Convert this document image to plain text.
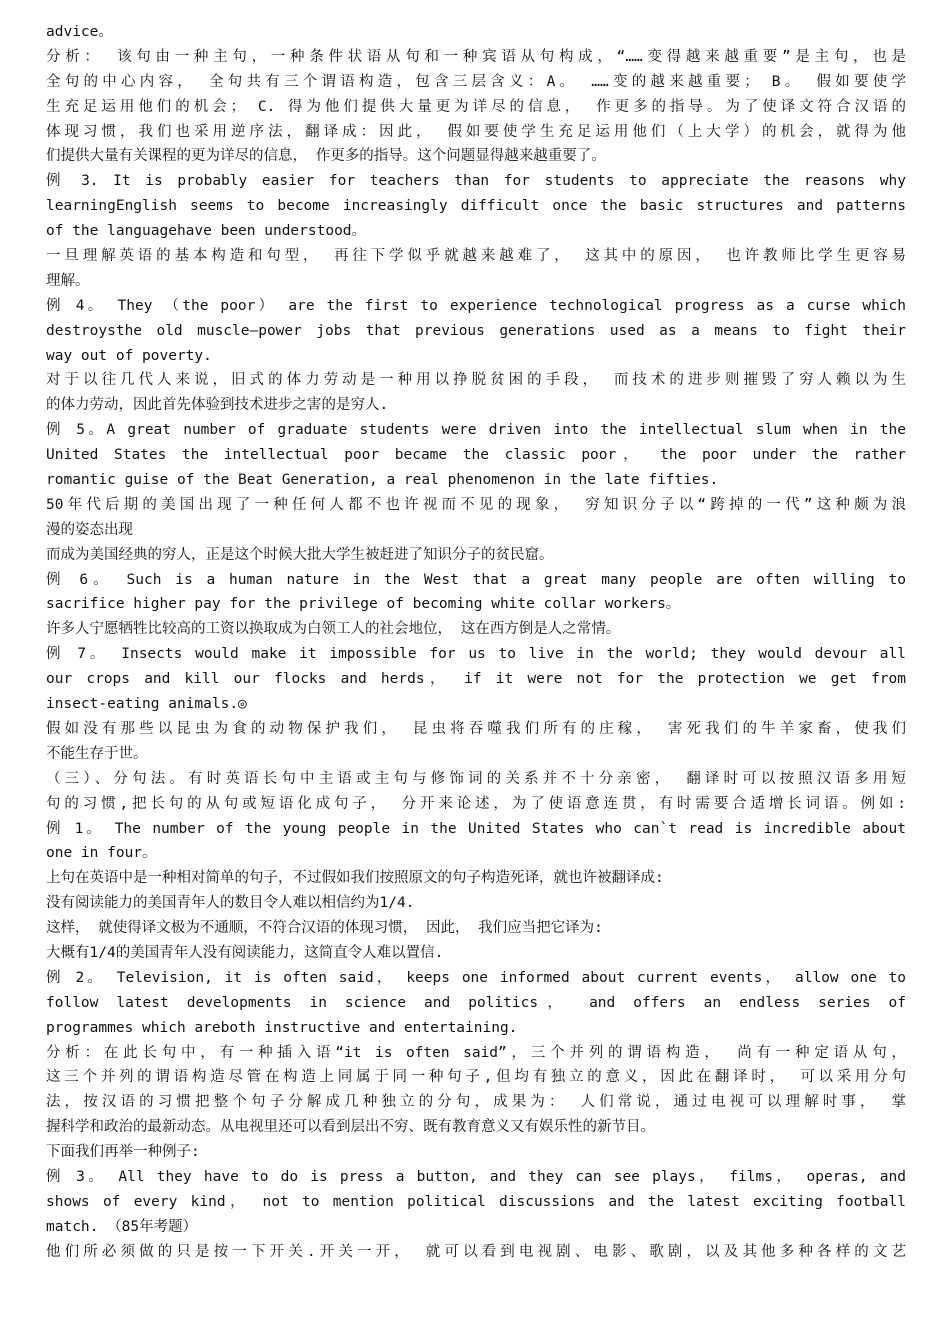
advice。
分析： 该句由一种主句，一种条件状语从句和一种宾语从句构成，“……变得越来越重要”是主句，也是
全句的中心内容， 全句共有三个谓语构造，包含三层含义：A。 ……变的越来越重要； B。 假如要使学
生充足运用他们的机会； C. 得为他们提供大量更为详尽的信息， 作更多的指导。为了使译文符合汉语的
体现习惯，我们也采用逆序法，翻译成：因此， 假如要使学生充足运用他们（上大学）的机会，就得为他
们提供大量有关课程的更为详尽的信息， 作更多的指导。这个问题显得越来越重要了。
例 3. It is probably easier for teachers than for students to appreciate the reasons why
learningEnglish seems to become increasingly difficult once the basic structures and patterns
of the languagehave been understood。
一旦理解英语的基本构造和句型， 再往下学似乎就越来越难了， 这其中的原因， 也许教师比学生更容易
理解。
例 4。 They （the poor） are the first to experience technological progress as a curse which
destroysthe old muscle—power jobs that previous generations used as a means to fight their
way out of poverty.
对于以往几代人来说，旧式的体力劳动是一种用以挣脱贫困的手段， 而技术的进步则摧毁了穷人赖以为生
的体力劳动，因此首先体验到技术进步之害的是穷人.
例 5。A great number of graduate students were driven into the intellectual slum when in the
United States the intellectual poor became the classic poor， the poor under the rather
romantic guise of the Beat Generation, a real phenomenon in the late fifties.
50年代后期的美国出现了一种任何人都不也许视而不见的现象， 穷知识分子以“跨掉的一代”这种颇为浪
漫的姿态出现
而成为美国经典的穷人，正是这个时候大批大学生被赶进了知识分子的贫民窟。
例 6。 Such is a human nature in the West that a great many people are often willing to
sacrifice higher pay for the privilege of becoming white collar workers。
许多人宁愿牺牲比较高的工资以换取成为白领工人的社会地位， 这在西方倒是人之常情。
例 7。 Insects would make it impossible for us to live in the world; they would devour all
our crops and kill our flocks and herds， if it were not for the protection we get from
insect-eating animals.◎
假如没有那些以昆虫为食的动物保护我们， 昆虫将吞噬我们所有的庄稼， 害死我们的牛羊家畜，使我们
不能生存于世。
（三）、分句法。有时英语长句中主语或主句与修饰词的关系并不十分亲密， 翻译时可以按照汉语多用短
句的习惯,把长句的从句或短语化成句子， 分开来论述，为了使语意连贯，有时需要合适增长词语。例如:
例 1。 The number of the young people in the United States who can`t read is incredible about
one in four。
上句在英语中是一种相对简单的句子，不过假如我们按照原文的句子构造死译，就也许被翻译成:
没有阅读能力的美国青年人的数目令人难以相信约为1/4.
这样， 就使得译文极为不通顺，不符合汉语的体现习惯， 因此， 我们应当把它译为:
大概有1/4的美国青年人没有阅读能力，这简直令人难以置信.
例 2。 Television, it is often said， keeps one informed about current events， allow one to
follow latest developments in science and politics， and offers an endless series of
programmes which areboth instructive and entertaining.
分析：在此长句中，有一种插入语“it is often said”，三个并列的谓语构造， 尚有一种定语从句，
这三个并列的谓语构造尽管在构造上同属于同一种句子,但均有独立的意义，因此在翻译时， 可以采用分句
法，按汉语的习惯把整个句子分解成几种独立的分句，成果为： 人们常说，通过电视可以理解时事， 掌
握科学和政治的最新动态。从电视里还可以看到层出不穷、既有教育意义又有娱乐性的新节目。
下面我们再举一种例子:
例 3。 All they have to do is press a button, and they can see plays， films， operas, and
shows of every kind， not to mention political discussions and the latest exciting football
match. （85年考题）
他们所必须做的只是按一下开关.开关一开， 就可以看到电视剧、电影、歌剧，以及其他多种各样的文艺
